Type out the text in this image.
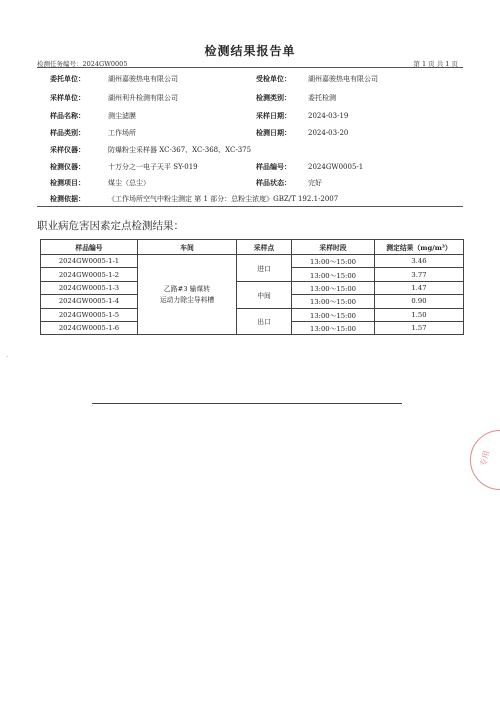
检测结果报告单
检测任务编号：2024GW0005	第 1 页 共 1 页
委托单位：	湖州嘉骏热电有限公司	受检单位： 湖州嘉骏热电有限公司
采样单位：	湖州利升检测有限公司	检测类别： 委托检测
样品名称：	测尘滤膜	采样日期： 2024-03-19
样品类别：	工作场所	检测日期： 2024-03-20
采样仪器：	防爆粉尘采样器 XC-367、XC-368、XC-375
检测仪器：	十万分之一电子天平 SY-019	样品编号： 2024GW0005-1
检测项目：	煤尘（总尘）	样品状态： 完好
检测依据：	《工作场所空气中粉尘测定 第 1 部分：总粉尘浓度》GBZ/T 192.1-2007
职业病危害因素定点检测结果：
样品编号	车间	采样点	采样时段	测定结果（mg/m³）
2024GW0005-1-1	乙路#3 输煤转
运动力除尘导料槽	进口	13:00～15:00	3.46
2024GW0005-1-2			13:00～15:00	3.77
2024GW0005-1-3		中间	13:00～15:00	1.47
2024GW0005-1-4			13:00～15:00	0.90
2024GW0005-1-5		出口	13:00～15:00	1.50
2024GW0005-1-6			13:00～15:00	1.57
-
专用
